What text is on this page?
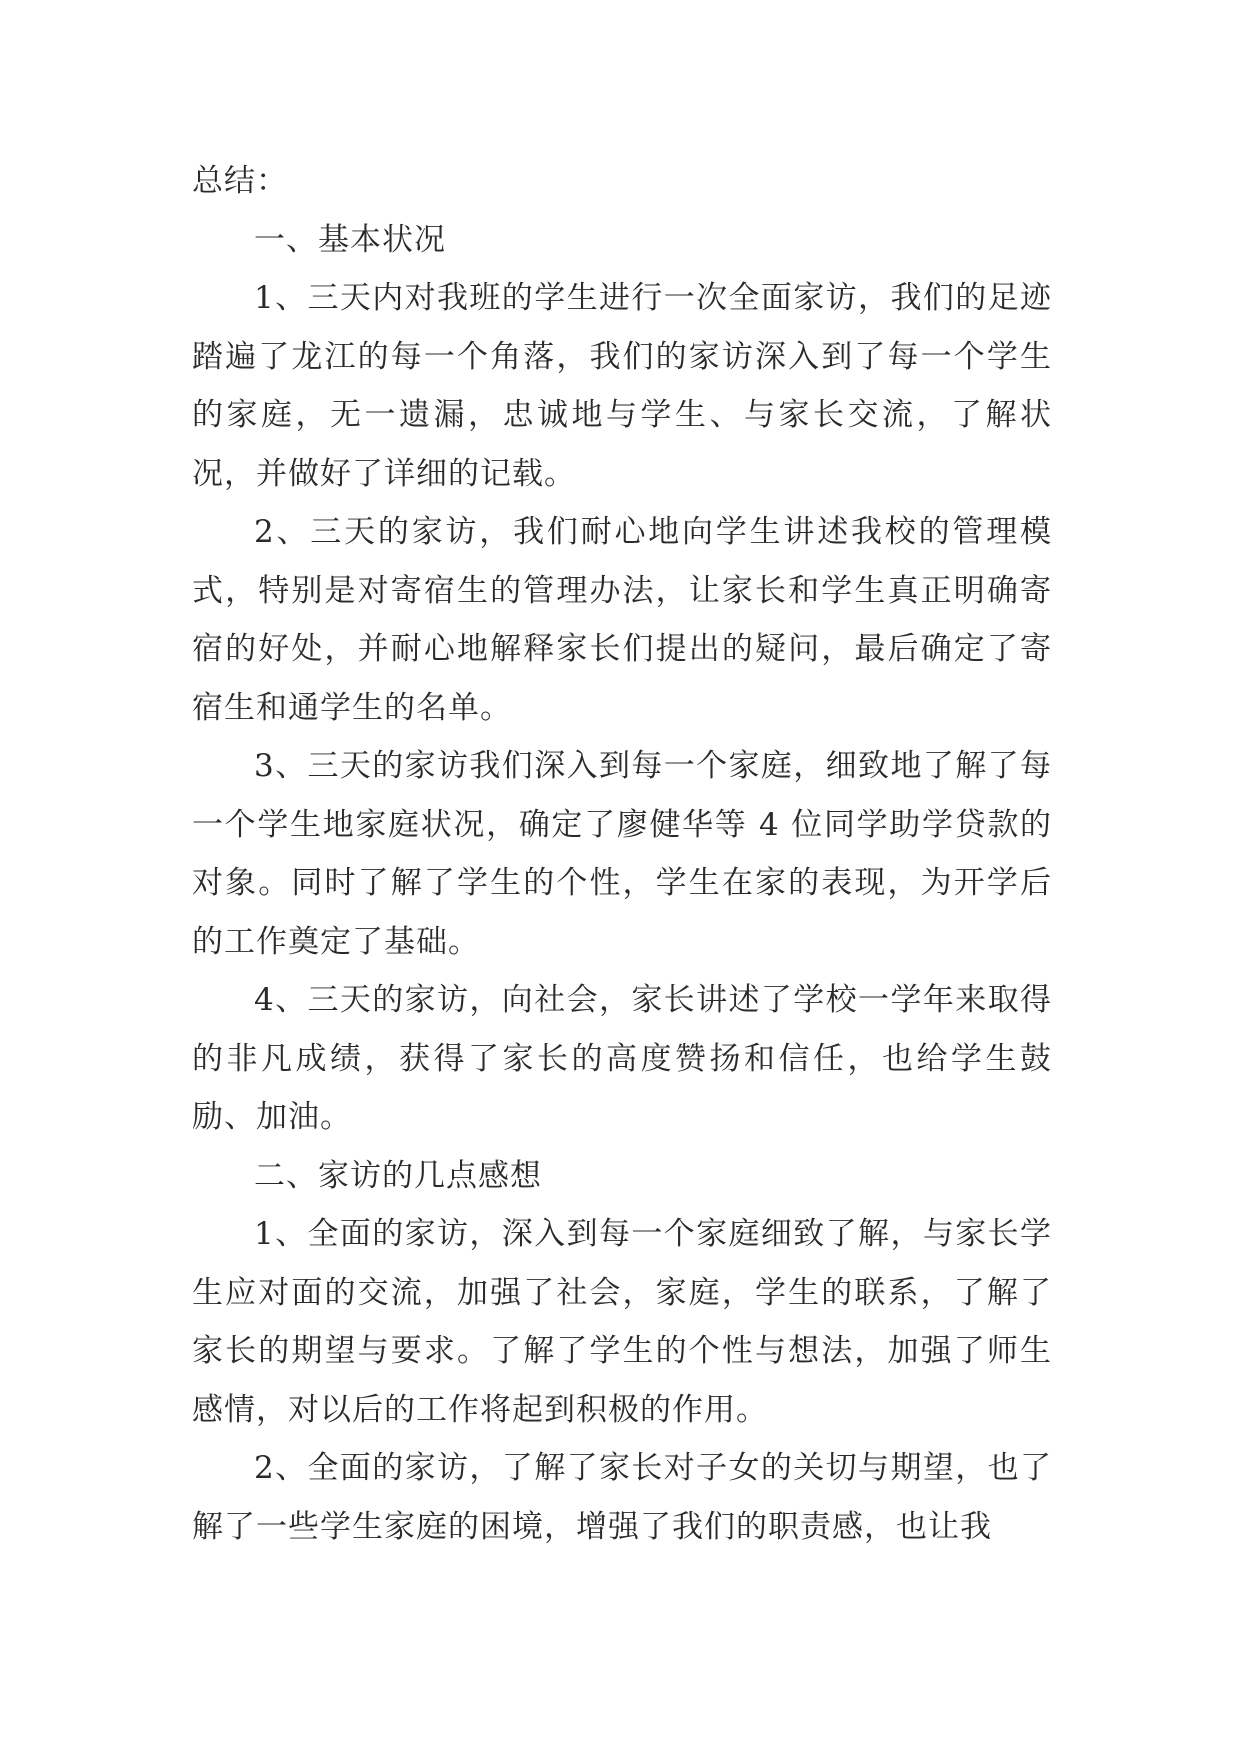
总结：

一、基本状况

1、三天内对我班的学生进行一次全面家访，我们的足迹踏遍了龙江的每一个角落，我们的家访深入到了每一个学生的家庭，无一遗漏，忠诚地与学生、与家长交流，了解状况，并做好了详细的记载。

2、三天的家访，我们耐心地向学生讲述我校的管理模式，特别是对寄宿生的管理办法，让家长和学生真正明确寄宿的好处，并耐心地解释家长们提出的疑问，最后确定了寄宿生和通学生的名单。

3、三天的家访我们深入到每一个家庭，细致地了解了每一个学生地家庭状况，确定了廖健华等 4 位同学助学贷款的对象。同时了解了学生的个性，学生在家的表现，为开学后的工作奠定了基础。

4、三天的家访，向社会，家长讲述了学校一学年来取得的非凡成绩，获得了家长的高度赞扬和信任，也给学生鼓励、加油。

二、家访的几点感想

1、全面的家访，深入到每一个家庭细致了解，与家长学生应对面的交流，加强了社会，家庭，学生的联系，了解了家长的期望与要求。了解了学生的个性与想法，加强了师生感情，对以后的工作将起到积极的作用。

2、全面的家访，了解了家长对子女的关切与期望，也了解了一些学生家庭的困境，增强了我们的职责感，也让我
